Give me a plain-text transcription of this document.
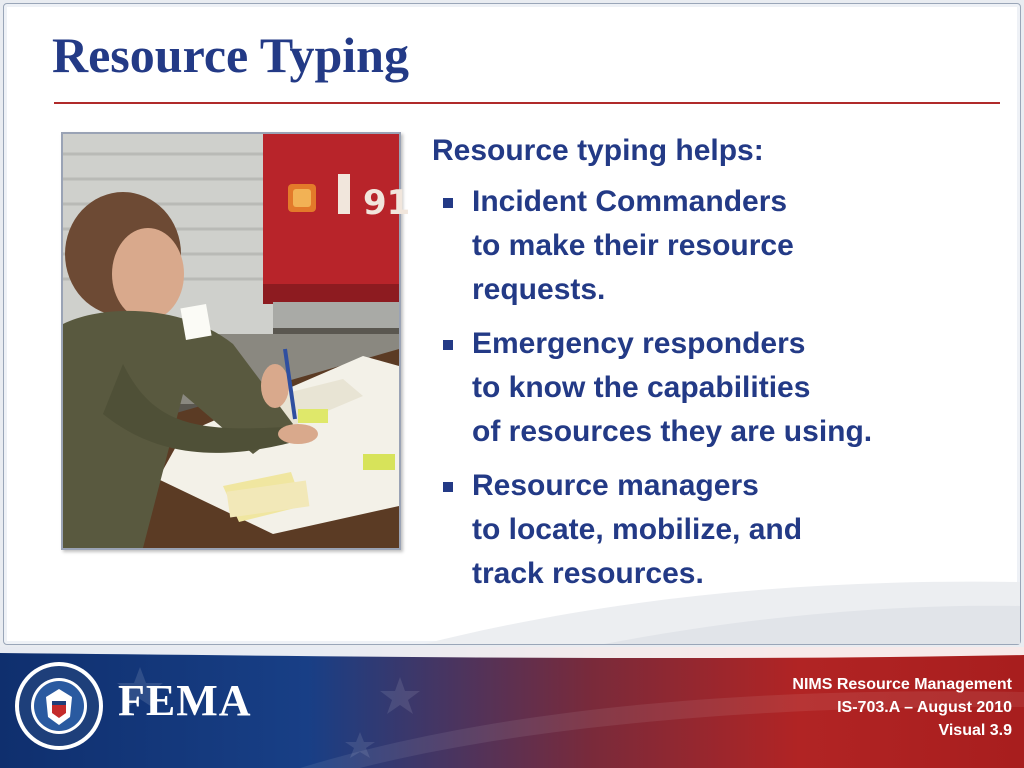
Resource Typing
91

Resource typing helps:

Incident Commanders
to make their resource
requests.
Emergency responders
to know the capabilities
of resources they are using.
Resource managers
to locate, mobilize, and
track resources.
FEMA	NIMS Resource Management
IS-703.A – August 2010
Visual 3.9
